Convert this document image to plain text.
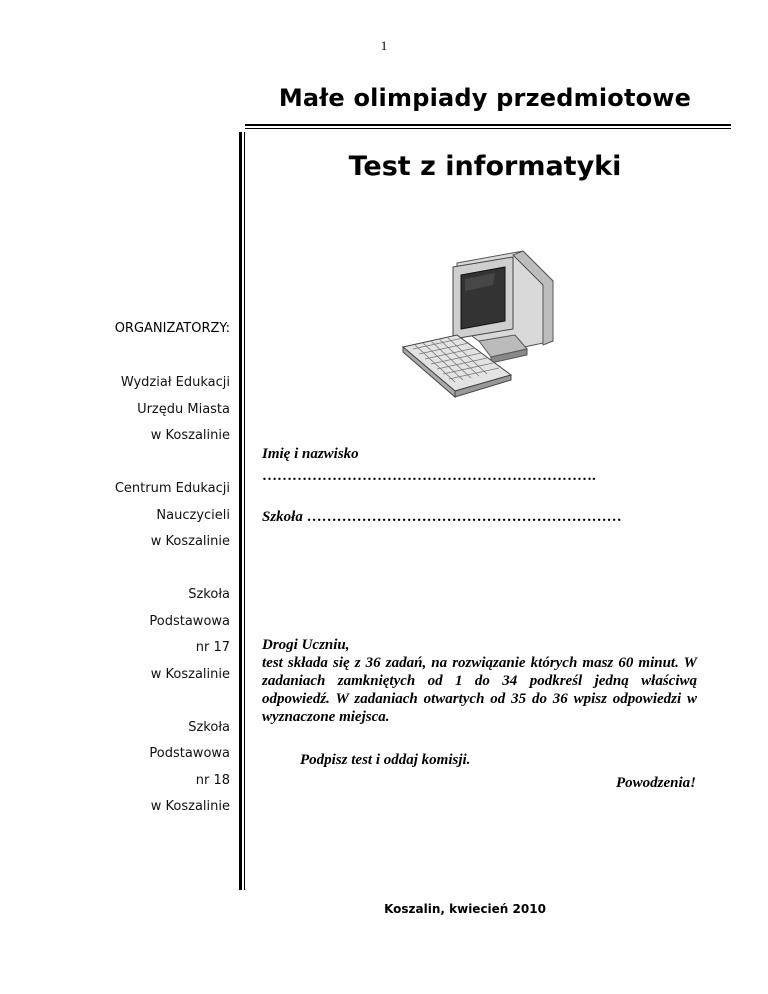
1
Małe olimpiady przedmiotowe
Test z informatyki
ORGANIZATORZY:
Wydział Edukacji
Urzędu Miasta
w Koszalinie
Centrum Edukacji
Nauczycieli
w Koszalinie
Szkoła
Podstawowa
nr 17
w Koszalinie
Szkoła
Podstawowa
nr 18
w Koszalinie
Imię i nazwisko
………………………………………………………….
Szkoła ………………………………………………………
Drogi Uczniu,
test składa się z 36 zadań, na rozwiązanie których masz 60 minut. W zadaniach zamkniętych od 1 do 34 podkreśl jedną właściwą odpowiedź. W zadaniach otwartych od 35 do 36 wpisz odpowiedzi w wyznaczone miejsca.
Podpisz test i oddaj komisji.
Powodzenia!
Koszalin, kwiecień 2010
